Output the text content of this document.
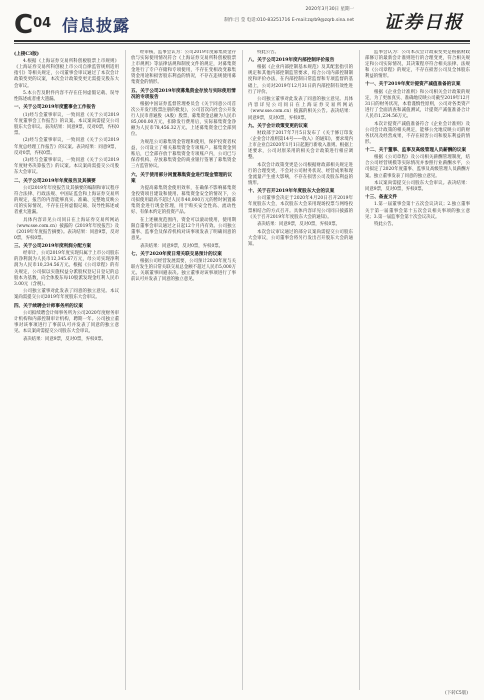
$C^{04}$ 信息披露
2020年3月30日 星期一
制作:吕 莹 电话:010-83251716 E-mail:zqrb9@zqrb.sina.net 证券日报

(上接C3版)

4.根据《上海证券交易所科创板股票上市规则》《上海证券交易所科创板上市公司自律监管规则适用指引》等相关规定，公司董事会审议通过了本次会计政策变更的议案，本次会计政策变更无需提交股东大会审议。

5.本公告及附件内容不存在任何虚假记载、误导性陈述或者重大遗漏。

一、关于公司2019年度董事会工作报告

(1)经与会董事审议，一致同意《关于公司2019年度董事会工作报告》的议案。本议案尚需提交公司股东大会审议。表决结果：同意9票，反对0票，弃权0票。

(2)经与会董事审议，一致同意《关于公司2019年度总经理工作报告》的议案。表决结果：同意9票，反对0票，弃权0票。

(3)经与会董事审议，一致同意《关于公司2019年度财务决算报告》的议案。本议案尚需提交公司股东大会审议。

二、关于公司2019年年度报告及其摘要

公司2019年年度报告及其摘要的编制和审议程序符合法律、行政法规、中国证监会和上海证券交易所的规定，报告的内容能够真实、准确、完整地反映公司的实际情况，不存在任何虚假记载、误导性陈述或者重大遗漏。

具体内容详见公司同日在上海证券交易所网站（www.sse.com.cn）披露的《2019年年度报告》及《2019年年度报告摘要》。表决结果：同意9票，反对0票，弃权0票。

三、关于公司2019年度利润分配方案

经审计，公司2019年度实现归属于上市公司股东的净利润为人民币12,345.67万元，母公司实现净利润为人民币10,234.56万元。根据《公司章程》的有关规定，公司拟以实施权益分派股权登记日登记的总股本为基数，向全体股东每10股派发现金红利人民币3.00元（含税）。

公司独立董事对此发表了同意的独立意见。本议案尚需提交公司2019年年度股东大会审议。

四、关于续聘会计师事务所的议案

公司拟续聘会计师事务所为公司2020年度财务审计机构和内部控制审计机构，聘期一年。公司独立董事对该事项进行了事前认可并发表了同意的独立意见。本议案尚需提交公司股东大会审议。

表决结果：同意9票，反对0票，弃权0票。

经审核，监事会认为：公司2019年度募集资金存放与实际使用情况符合《上海证券交易所科创板股票上市规则》等法律法规和制度文件的规定，对募集资金进行了专户存储和专项使用，不存在变相改变募集资金用途和损害股东利益的情况，不存在违规使用募集资金的情形。

五、关于公司2019年度募集资金存放与实际使用情况的专项报告

根据中国证券监督管理委员会《关于同意公司首次公开发行股票注册的批复》，公司首次向社会公开发行人民币普通股（A股）股票，募集资金总额为人民币85,000.00万元，扣除发行费用后，实际募集资金净额为人民币78,456.32万元。上述募集资金已全部到位。

为规范公司募集资金管理和使用，保护投资者权益，公司设立了相关募集资金专项账户。募集资金到账后，已全部存放于募集资金专项账户内，公司已与保荐机构、存放募集资金的商业银行签署了募集资金三方监管协议。

六、关于使用部分闲置募集资金进行现金管理的议案

为提高募集资金使用效率，在确保不影响募集资金投资项目建设和使用、募集资金安全的情况下，公司拟使用最高不超过人民币40,000万元的暂时闲置募集资金进行现金管理，用于购买安全性高、流动性好、有保本约定的投资产品。

在上述额度范围内，资金可以滚动使用，使用期限自董事会审议通过之日起12个月内有效。公司独立董事、监事会及保荐机构对该事项发表了明确同意的意见。

表决结果：同意9票，反对0票，弃权0票。

七、关于2020年度日常关联交易预计的议案

根据公司经营发展需要，公司预计2020年度与关联方发生的日常关联交易总金额不超过人民币5,000万元。关联董事回避表决。独立董事对该事项进行了事前认可并发表了同意的独立意见。

特此公告。

八、关于公司2019年度内部控制评价报告

根据《企业内部控制基本规范》及其配套指引的规定和其他内部控制监管要求，结合公司内部控制制度和评价办法，在内部控制日常监督和专项监督的基础上，公司对2019年12月31日的内部控制有效性进行了评价。

公司独立董事对此发表了同意的独立意见。具体内容详见公司同日在上海证券交易所网站（www.sse.com.cn）披露的相关公告。表决结果：同意9票，反对0票，弃权0票。

九、关于会计政策变更的议案

财政部于2017年7月5日发布了《关于修订印发〈企业会计准则第14号——收入〉的通知》，要求境内上市企业自2020年1月1日起施行新收入准则。根据上述要求，公司对原采用的相关会计政策进行相应调整。

本次会计政策变更是公司根据财政部相关规定进行的合理变更，不会对公司财务状况、经营成果和现金流量产生重大影响，不存在损害公司及股东利益的情形。

十、关于召开2019年年度股东大会的议案

公司董事会决定于2020年4月20日召开2019年年度股东大会，本次股东大会采用现场投票与网络投票相结合的方式召开。具体内容详见公司同日披露的《关于召开2019年年度股东大会的通知》。

表决结果：同意9票，反对0票，弃权0票。

本次会议审议通过的部分议案尚需提交公司股东大会审议，公司董事会将另行发出召开股东大会的通知。

监事会认为：公司本次会计政策变更是根据财政部修订的最新会计准则进行的合理变更，符合相关规定和公司实际情况，其决策程序符合相关法律、法规和《公司章程》的规定，不存在损害公司及全体股东利益的情形。

十一、关于2019年度计提资产减值准备的议案

根据《企业会计准则》和公司相关会计政策的规定，为了更加真实、准确地反映公司截至2019年12月31日的财务状况，本着谨慎性原则，公司对各类资产进行了全面清查和减值测试，计提资产减值准备合计人民币1,234.56万元。

本次计提资产减值准备符合《企业会计准则》及公司会计政策的相关规定，能够公允地反映公司的财务状况及经营成果，不存在损害公司和股东利益的情形。

十二、关于董事、监事及高级管理人员薪酬的议案

根据《公司章程》及公司相关薪酬管理制度，结合公司经营规模等实际情况并参照行业薪酬水平，公司拟定了2020年度董事、监事及高级管理人员薪酬方案。独立董事发表了同意的独立意见。

本议案尚需提交公司股东大会审议。表决结果：同意9票，反对0票，弃权0票。

十三、备查文件

1.第一届董事会第十五次会议决议；2.独立董事关于第一届董事会第十五次会议相关事项的独立意见；3.第一届监事会第十次会议决议。

特此公告。

(下转C5版)
